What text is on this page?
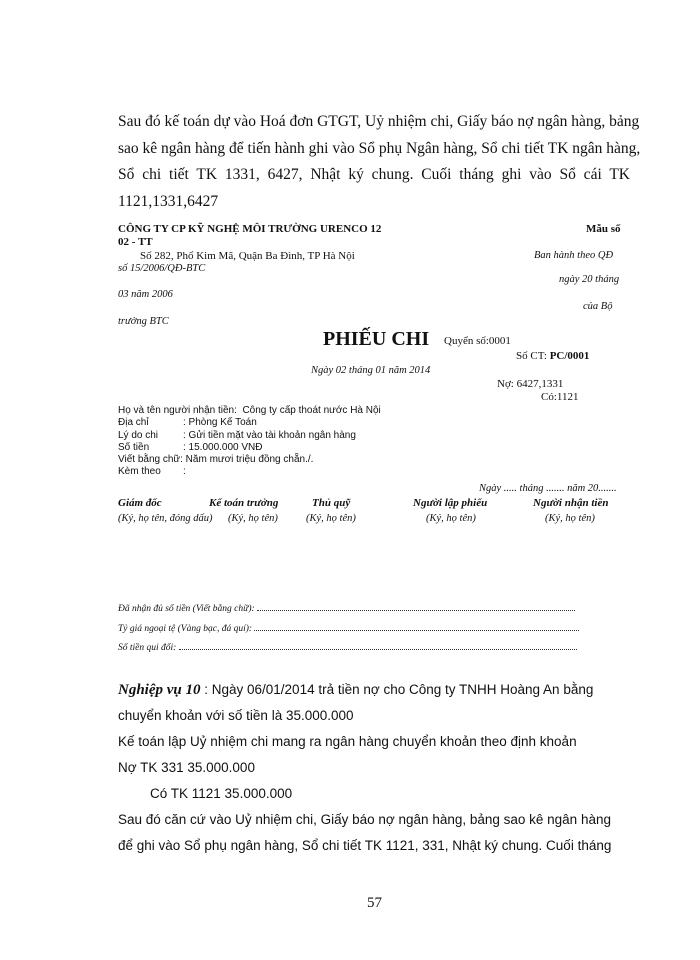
Sau đó kế toán dự vào Hoá đơn GTGT, Uỷ nhiệm chi, Giấy báo nợ ngân hàng, bảng
sao kê ngân hàng để tiến hành ghi vào Sổ phụ Ngân hàng, Sổ chi tiết TK ngân hàng,
Sổ chi tiết TK 1331, 6427, Nhật ký chung. Cuối tháng ghi vào Sổ cái TK
1121,1331,6427
CÔNG TY CP KỸ NGHỆ MÔI TRƯỜNG URENCO 12
02 - TT
Mẫu số
Số 282, Phố Kim Mã, Quận Ba Đình, TP Hà Nội	Ban hành theo QĐ
số 15/2006/QĐ-BTC
ngày 20 tháng
03 năm 2006
của Bộ
trưởng BTC
PHIẾU CHI Quyển số:0001
Số CT: PC/0001
Ngày 02 tháng 01 năm 2014
Nợ: 6427,1331
Có:1121
Họ và tên người nhận tiền: Công ty cấp thoát nước Hà Nội
Địa chỉ	: Phòng Kế Toán
Lý do chi : Gửi tiền mặt vào tài khoản ngân hàng
Số tiền	: 15.000.000 VNĐ
Viết bằng chữ: Năm mươi triệu đồng chẵn./.
Kèm theo :
Ngày ..... tháng ....... năm 20.......
Giám đốc	Kế toán trưởng	Thủ quỹ	Người lập phiếu	Người nhận tiền
(Ký, họ tên, đóng dấu) (Ký, họ tên)	(Ký, họ tên)	(Ký, họ tên)	(Ký, họ tên)
Đã nhận đủ số tiền (Viết bằng chữ):
Tỷ giá ngoại tệ (Vàng bạc, đá quí):
Số tiền qui đổi:
Nghiệp vụ 10 : Ngày 06/01/2014 trả tiền nợ cho Công ty TNHH Hoàng An bằng
chuyển khoản với số tiền là 35.000.000
Kế toán lập Uỷ nhiệm chi mang ra ngân hàng chuyển khoản theo định khoản
Nợ TK 331 35.000.000
Có TK 1121 35.000.000
Sau đó căn cứ vào Uỷ nhiệm chi, Giấy báo nợ ngân hàng, bảng sao kê ngân hàng
để ghi vào Sổ phụ ngân hàng, Sổ chi tiết TK 1121, 331, Nhật ký chung. Cuối tháng
57
